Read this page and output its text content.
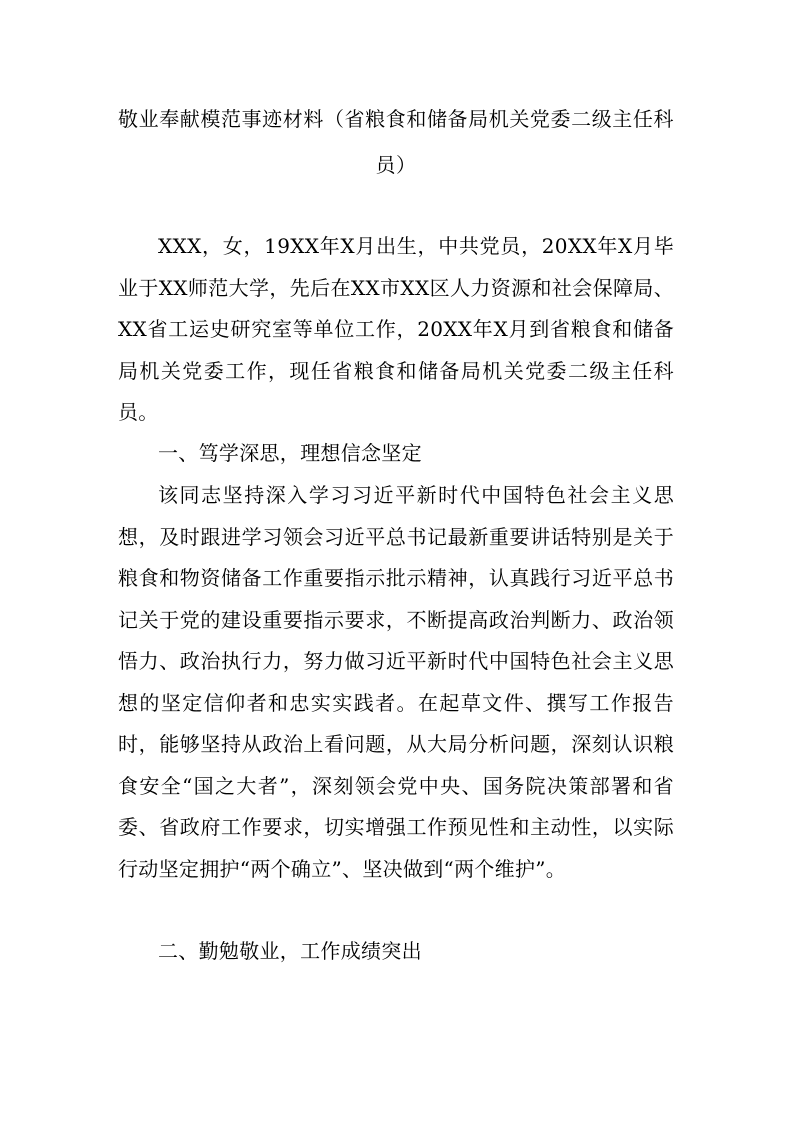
敬业奉献模范事迹材料（省粮食和储备局机关党委二级主任科员）
XXX，女，19XX年X月出生，中共党员，20XX年X月毕业于XX师范大学，先后在XX市XX区人力资源和社会保障局、XX省工运史研究室等单位工作，20XX年X月到省粮食和储备局机关党委工作，现任省粮食和储备局机关党委二级主任科员。
一、笃学深思，理想信念坚定
该同志坚持深入学习习近平新时代中国特色社会主义思想，及时跟进学习领会习近平总书记最新重要讲话特别是关于粮食和物资储备工作重要指示批示精神，认真践行习近平总书记关于党的建设重要指示要求，不断提高政治判断力、政治领悟力、政治执行力，努力做习近平新时代中国特色社会主义思想的坚定信仰者和忠实实践者。在起草文件、撰写工作报告时，能够坚持从政治上看问题，从大局分析问题，深刻认识粮食安全“国之大者”，深刻领会党中央、国务院决策部署和省委、省政府工作要求，切实增强工作预见性和主动性，以实际行动坚定拥护“两个确立”、坚决做到“两个维护”。
二、勤勉敬业，工作成绩突出
